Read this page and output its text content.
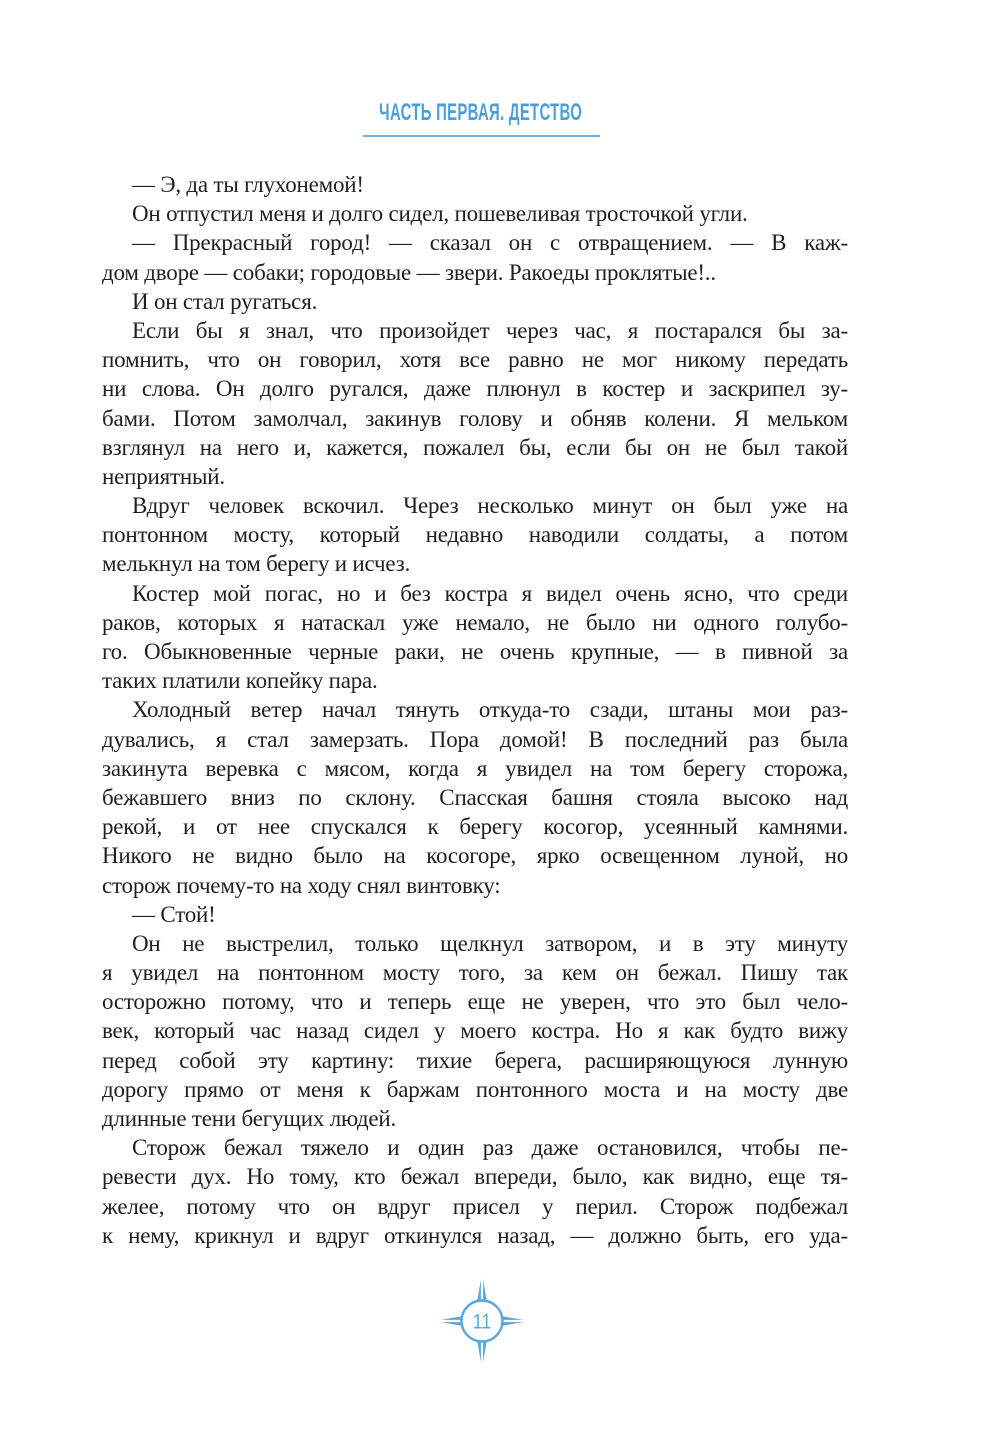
ЧАСТЬ ПЕРВАЯ. ДЕТСТВО
— Э, да ты глухонемой!
Он отпустил меня и долго сидел, пошевеливая тросточкой угли.
— Прекрасный город! — сказал он с отвращением. — В каж-
дом дворе — собаки; городовые — звери. Ракоеды проклятые!..
И он стал ругаться.
Если бы я знал, что произойдет через час, я постарался бы за-
помнить, что он говорил, хотя все равно не мог никому передать
ни слова. Он долго ругался, даже плюнул в костер и заскрипел зу-
бами. Потом замолчал, закинув голову и обняв колени. Я мельком
взглянул на него и, кажется, пожалел бы, если бы он не был такой
неприятный.
Вдруг человек вскочил. Через несколько минут он был уже на
понтонном мосту, который недавно наводили солдаты, а потом
мелькнул на том берегу и исчез.
Костер мой погас, но и без костра я видел очень ясно, что среди
раков, которых я натаскал уже немало, не было ни одного голубо-
го. Обыкновенные черные раки, не очень крупные, — в пивной за
таких платили копейку пара.
Холодный ветер начал тянуть откуда-то сзади, штаны мои раз-
дувались, я стал замерзать. Пора домой! В последний раз была
закинута веревка с мясом, когда я увидел на том берегу сторожа,
бежавшего вниз по склону. Спасская башня стояла высоко над
рекой, и от нее спускался к берегу косогор, усеянный камнями.
Никого не видно было на косогоре, ярко освещенном луной, но
сторож почему-то на ходу снял винтовку:
— Стой!
Он не выстрелил, только щелкнул затвором, и в эту минуту
я увидел на понтонном мосту того, за кем он бежал. Пишу так
осторожно потому, что и теперь еще не уверен, что это был чело-
век, который час назад сидел у моего костра. Но я как будто вижу
перед собой эту картину: тихие берега, расширяющуюся лунную
дорогу прямо от меня к баржам понтонного моста и на мосту две
длинные тени бегущих людей.
Сторож бежал тяжело и один раз даже остановился, чтобы пе-
ревести дух. Но тому, кто бежал впереди, было, как видно, еще тя-
желее, потому что он вдруг присел у перил. Сторож подбежал
к нему, крикнул и вдруг откинулся назад, — должно быть, его уда-
11
